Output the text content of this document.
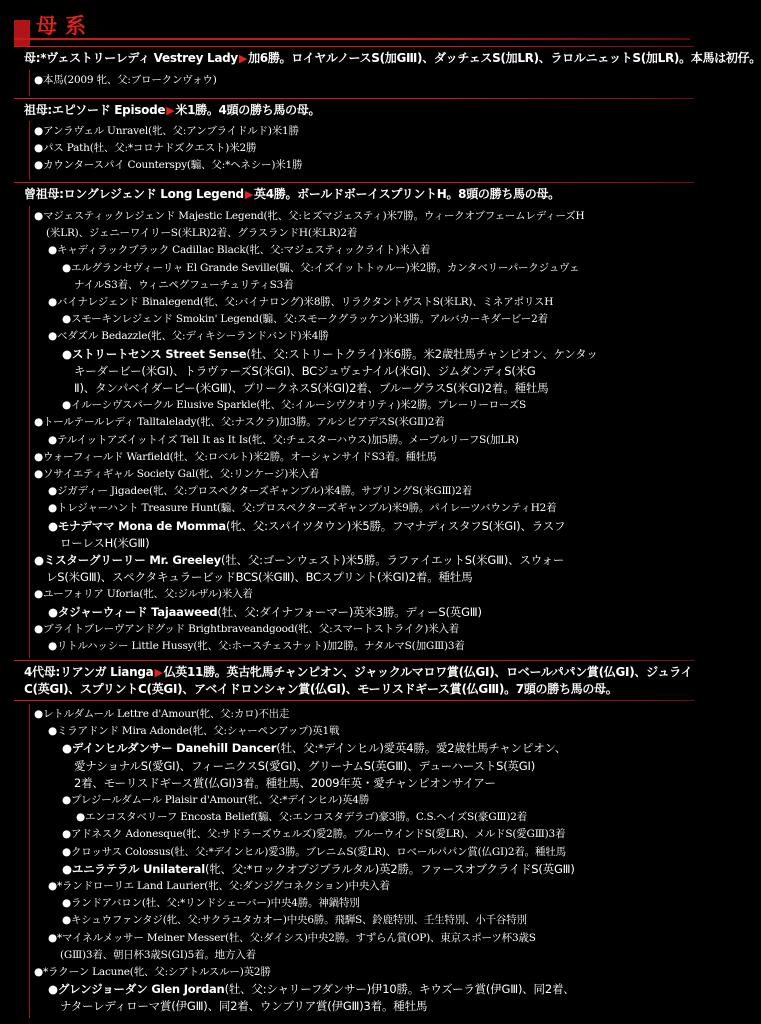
母系
母:*ヴェストリーレディ Vestrey Lady▶加6勝。ロイヤルノースS(加GⅢ)、ダッチェスS(加LR)、ラロルニェットS(加LR)。本馬は初仔。
●本馬(2009 牝、父:ブロークンヴォウ)
祖母:エピソード Episode▶米1勝。4頭の勝ち馬の母。
●アンラヴェル Unravel(牝、父:アンブライドルド)米1勝
●パス Path(牡、父:*コロナドズクエスト)米2勝
●カウンタースパイ Counterspy(騸、父:*ヘネシー)米1勝
曾祖母:ロングレジェンド Long Legend▶英4勝。ボールドボーイスプリントH。8頭の勝ち馬の母。
●マジェスティックレジェンド Majestic Legend(牝、父:ヒズマジェスティ)米7勝。ウィークオブフェームレディーズH
(米LR)、ジェニーワイリーS(米LR)2着、グラスランドH(米LR)2着
●キャディラックブラック Cadillac Black(牝、父:マジェスティックライト)米入着
●エルグランセヴィーリャ El Grande Seville(騸、父:イズイットトゥルー)米2勝。カンタベリーパークジュヴェ
ナイルS3着、ウィニペグフューチュリティS3着
●バイナレジェンド Binalegend(牝、父:バイナロング)米8勝、リラクタントゲストS(米LR)、ミネアポリスH
●スモーキンレジェンド Smokin' Legend(騸、父:スモークグラッケン)米3勝。アルバカーキダービー2着
●ベダズル Bedazzle(牝、父:ディキシーランドバンド)米4勝
●ストリートセンス Street Sense(牡、父:ストリートクライ)米6勝。米2歳牡馬チャンピオン、ケンタッ
キーダービー(米GI)、トラヴァーズS(米GI)、BCジュヴェナイル(米GI)、ジムダンディS(米G
Ⅱ)、タンパベイダービー(米GⅢ)、プリークネスS(米GI)2着、ブルーグラスS(米GI)2着。種牡馬
●イルーシヴスパークル Elusive Sparkle(牝、父:イルーシヴクオリティ)米2勝。プレーリーローズS
●トールテールレディ Talltalelady(牝、父:ナスクラ)加3勝。アルシビアデスS(米GⅡ)2着
●テルイットアズイットイズ Tell It as It Is(牝、父:チェスターハウス)加5勝。メープルリーフS(加LR)
●ウォーフィールド Warfield(牡、父:ロベルト)米2勝。オーシャンサイドS3着。種牡馬
●ソサイエティギャル Society Gal(牝、父:リンケージ)米入着
●ジガディー Jigadee(牝、父:プロスペクターズギャンブル)米4勝。サプリングS(米GⅢ)2着
●トレジャーハント Treasure Hunt(騸、父:プロスペクターズギャンブル)米9勝。パイレーツバウンティH2着
●モナデママ Mona de Momma(牝、父:スパイツタウン)米5勝。フマナディスタフS(米GI)、ラスフ
ローレスH(米GⅢ)
●ミスターグリーリー Mr. Greeley(牡、父:ゴーンウェスト)米5勝。ラファイエットS(米GⅢ)、スウォー
レS(米GⅢ)、スペクタキュラービッドBCS(米GⅢ)、BCスプリント(米GI)2着。種牡馬
●ユーフォリア Uforia(牝、父:ジルザル)米入着
●タジャーウィード Tajaaweed(牡、父:ダイナフォーマー)英米3勝。ディーS(英GⅢ)
●ブライトブレーヴアンドグッド Brightbraveandgood(牝、父:スマートストライク)米入着
●リトルハッシー Little Hussy(牝、父:ホースチェスナット)加2勝。ナタルマS(加GⅢ)3着
4代母:リアンガ Lianga▶仏英11勝。英古牝馬チャンピオン、ジャックルマロワ賞(仏GI)、ロベールパパン賞(仏GI)、ジュライC(英GI)、スプリントC(英GI)、アベイドロンシャン賞(仏GI)、モーリスドギース賞(仏GⅢ)。7頭の勝ち馬の母。
●レトルダムール Lettre d'Amour(牝、父:カロ)不出走
●ミラアドンド Mira Adonde(牝、父:シャーペンアップ)英1戦
●デインヒルダンサー Danehill Dancer(牡、父:*デインヒル)愛英4勝。愛2歳牡馬チャンピオン、
愛ナショナルS(愛GI)、フィーニクスS(愛GI)、グリーナムS(英GⅢ)、デューハーストS(英GI)
2着、モーリスドギース賞(仏GI)3着。種牡馬、2009年英・愛チャンピオンサイアー
●プレジールダムール Plaisir d'Amour(牝、父:*デインヒル)英4勝
●エンコスタベリーフ Encosta Belief(騸、父:エンコスタデラゴ)豪3勝。C.S.ヘイズS(豪GⅢ)2着
●アドネスク Adonesque(牝、父:サドラーズウェルズ)愛2勝。ブルーウインドS(愛LR)、メルドS(愛GⅢ)3着
●クロッサス Colossus(牡、父:*デインヒル)愛3勝。ブレニムS(愛LR)、ロベールパパン賞(仏GI)2着。種牡馬
●ユニラテラル Unilateral(牝、父:*ロックオブジブラルタル)英2勝。ファースオブクライドS(英GⅢ)
●*ランドローリエ Land Laurier(牝、父:ダンジグコネクション)中央入着
●ランドアバロン(牡、父:*リンドシェーバー)中央4勝。神鍋特別
●キシュウファンタジ(牝、父:サクラユタカオー)中央6勝。飛騨S、鈴鹿特別、壬生特別、小千谷特別
●*マイネルメッサー Meiner Messer(牡、父:ダイシス)中央2勝。すずらん賞(OP)、東京スポーツ杯3歳S
(GⅢ)3着、朝日杯3歳S(GI)5着。地方入着
●*ラクーン Lacune(牝、父:シアトルスルー)英2勝
●グレンジョーダン Glen Jordan(牡、父:シャリーフダンサー)伊10勝。キウズーラ賞(伊GⅢ)、同2着、
ナターレディローマ賞(伊GⅢ)、同2着、ウンブリア賞(伊GⅢ)3着。種牡馬
